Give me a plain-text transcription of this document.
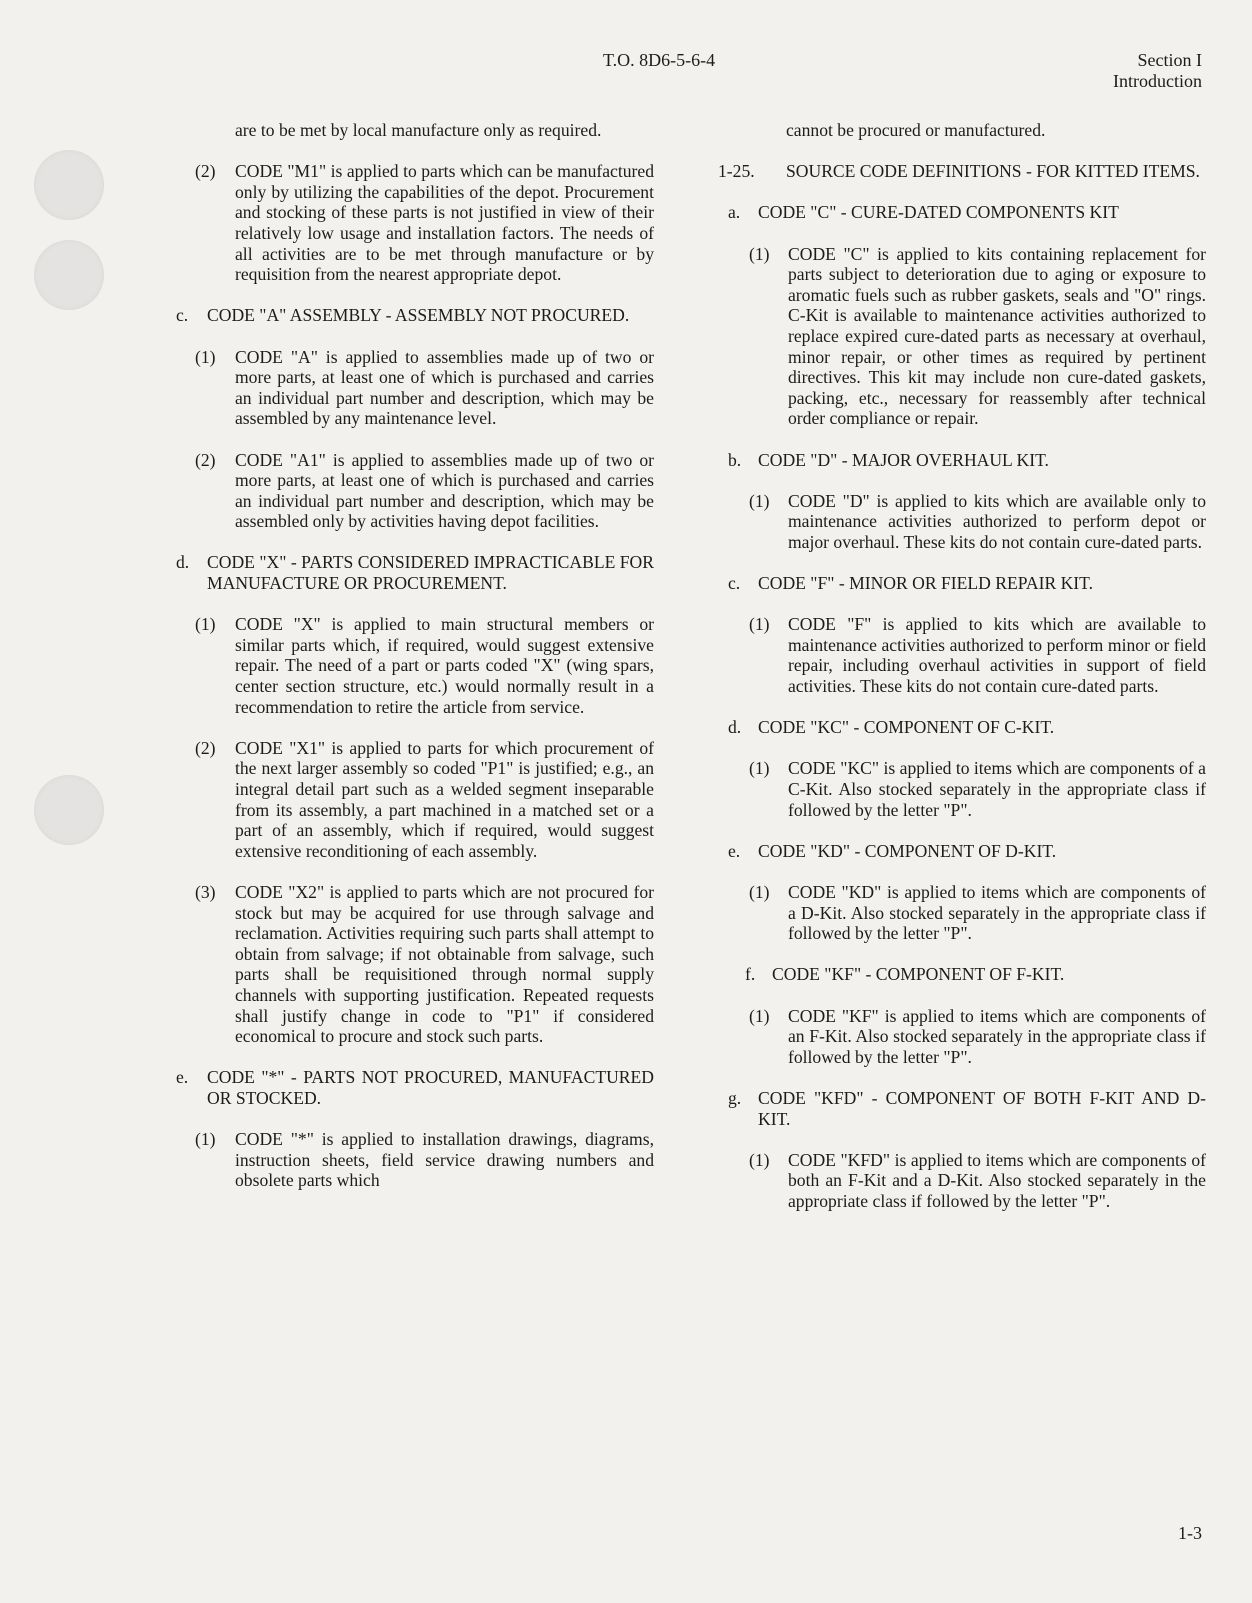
T.O. 8D6-5-6-4	Section I
Introduction
are to be met by local manufacture only as required.
(2) CODE "M1" is applied to parts which can be manufactured only by utilizing the capabilities of the depot. Procurement and stocking of these parts is not justified in view of their relatively low usage and installation factors. The needs of all activities are to be met through manufacture or by requisition from the nearest appropriate depot.
c. CODE "A" ASSEMBLY - ASSEMBLY NOT PROCURED.
(1) CODE "A" is applied to assemblies made up of two or more parts, at least one of which is purchased and carries an individual part number and description, which may be assembled by any maintenance level.
(2) CODE "A1" is applied to assemblies made up of two or more parts, at least one of which is purchased and carries an individual part number and description, which may be assembled only by activities having depot facilities.
d. CODE "X" - PARTS CONSIDERED IMPRACTICABLE FOR MANUFACTURE OR PROCUREMENT.
(1) CODE "X" is applied to main structural members or similar parts which, if required, would suggest extensive repair. The need of a part or parts coded "X" (wing spars, center section structure, etc.) would normally result in a recommendation to retire the article from service.
(2) CODE "X1" is applied to parts for which procurement of the next larger assembly so coded "P1" is justified; e.g., an integral detail part such as a welded segment inseparable from its assembly, a part machined in a matched set or a part of an assembly, which if required, would suggest extensive reconditioning of each assembly.
(3) CODE "X2" is applied to parts which are not procured for stock but may be acquired for use through salvage and reclamation. Activities requiring such parts shall attempt to obtain from salvage; if not obtainable from salvage, such parts shall be requisitioned through normal supply channels with supporting justification. Repeated requests shall justify change in code to "P1" if considered economical to procure and stock such parts.
e. CODE "*" - PARTS NOT PROCURED, MANUFACTURED OR STOCKED.
(1) CODE "*" is applied to installation drawings, diagrams, instruction sheets, field service drawing numbers and obsolete parts which
cannot be procured or manufactured.
1-25. SOURCE CODE DEFINITIONS - FOR KITTED ITEMS.
a. CODE "C" - CURE-DATED COMPONENTS KIT
(1) CODE "C" is applied to kits containing replacement for parts subject to deterioration due to aging or exposure to aromatic fuels such as rubber gaskets, seals and "O" rings. C-Kit is available to maintenance activities authorized to replace expired cure-dated parts as necessary at overhaul, minor repair, or other times as required by pertinent directives. This kit may include non cure-dated gaskets, packing, etc., necessary for reassembly after technical order compliance or repair.
b. CODE "D" - MAJOR OVERHAUL KIT.
(1) CODE "D" is applied to kits which are available only to maintenance activities authorized to perform depot or major overhaul. These kits do not contain cure-dated parts.
c. CODE "F" - MINOR OR FIELD REPAIR KIT.
(1) CODE "F" is applied to kits which are available to maintenance activities authorized to perform minor or field repair, including overhaul activities in support of field activities. These kits do not contain cure-dated parts.
d. CODE "KC" - COMPONENT OF C-KIT.
(1) CODE "KC" is applied to items which are components of a C-Kit. Also stocked separately in the appropriate class if followed by the letter "P".
e. CODE "KD" - COMPONENT OF D-KIT.
(1) CODE "KD" is applied to items which are components of a D-Kit. Also stocked separately in the appropriate class if followed by the letter "P".
f. CODE "KF" - COMPONENT OF F-KIT.
(1) CODE "KF" is applied to items which are components of an F-Kit. Also stocked separately in the appropriate class if followed by the letter "P".
g. CODE "KFD" - COMPONENT OF BOTH F-KIT AND D-KIT.
(1) CODE "KFD" is applied to items which are components of both an F-Kit and a D-Kit. Also stocked separately in the appropriate class if followed by the letter "P".
1-3
